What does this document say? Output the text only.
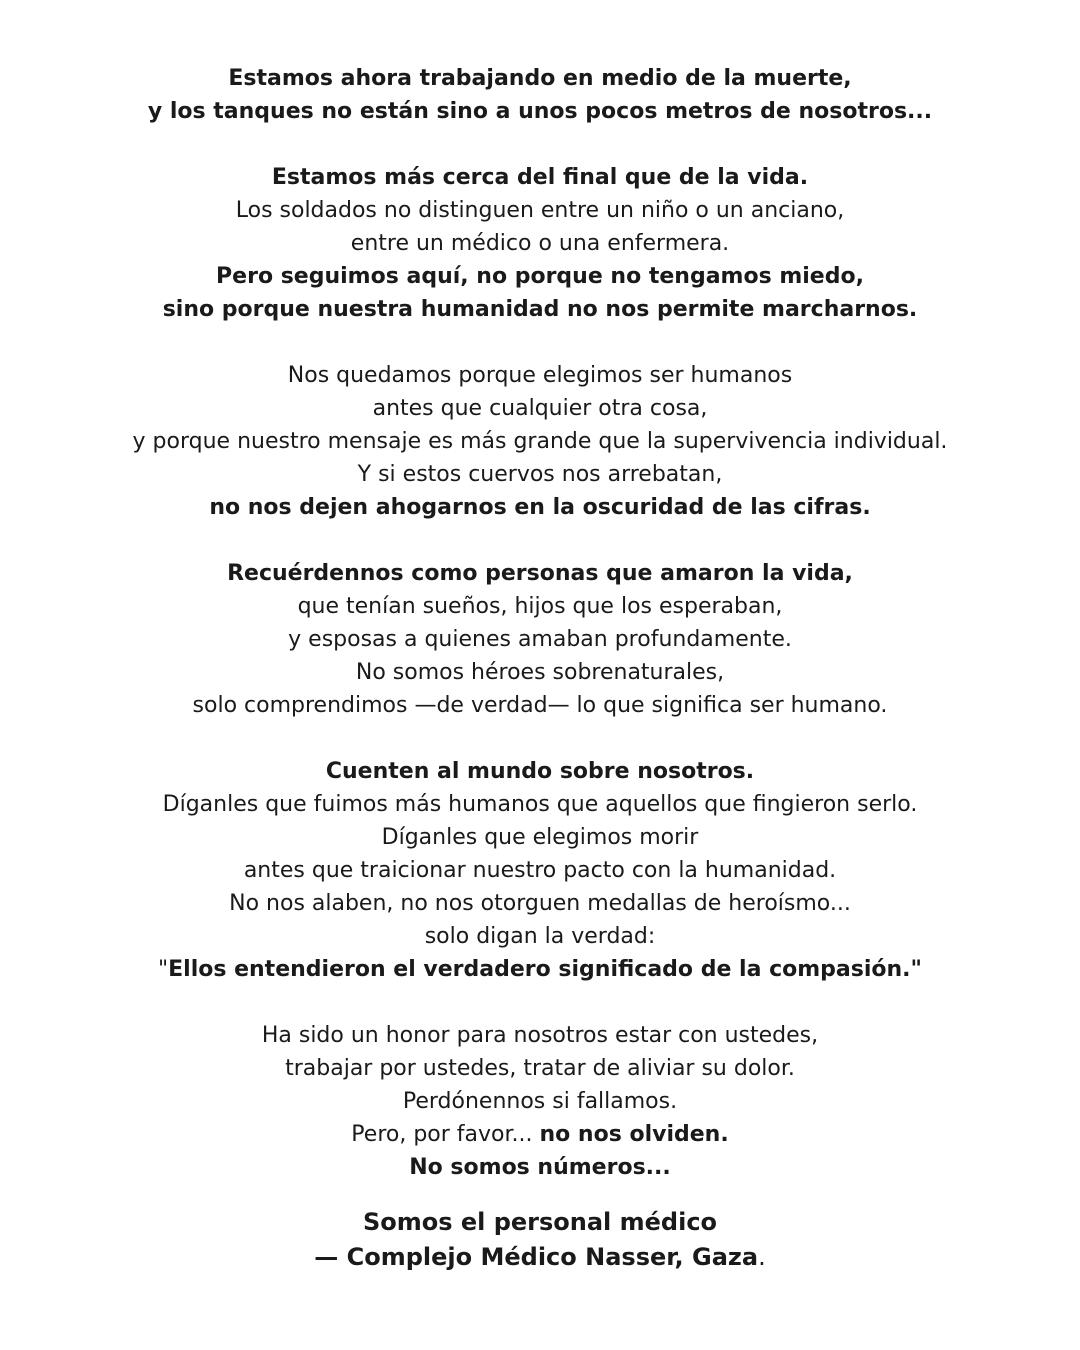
Estamos ahora trabajando en medio de la muerte,
y los tanques no están sino a unos pocos metros de nosotros...
Estamos más cerca del final que de la vida.
Los soldados no distinguen entre un niño o un anciano,
entre un médico o una enfermera.
Pero seguimos aquí, no porque no tengamos miedo,
sino porque nuestra humanidad no nos permite marcharnos.
Nos quedamos porque elegimos ser humanos
antes que cualquier otra cosa,
y porque nuestro mensaje es más grande que la supervivencia individual.
Y si estos cuervos nos arrebatan,
no nos dejen ahogarnos en la oscuridad de las cifras.
Recuérdennos como personas que amaron la vida,
que tenían sueños, hijos que los esperaban,
y esposas a quienes amaban profundamente.
No somos héroes sobrenaturales,
solo comprendimos —de verdad— lo que significa ser humano.
Cuenten al mundo sobre nosotros.
Díganles que fuimos más humanos que aquellos que fingieron serlo.
Díganles que elegimos morir
antes que traicionar nuestro pacto con la humanidad.
No nos alaben, no nos otorguen medallas de heroísmo...
solo digan la verdad:
"Ellos entendieron el verdadero significado de la compasión."
Ha sido un honor para nosotros estar con ustedes,
trabajar por ustedes, tratar de aliviar su dolor.
Perdónennos si fallamos.
Pero, por favor... no nos olviden.
No somos números...
Somos el personal médico
— Complejo Médico Nasser, Gaza.
